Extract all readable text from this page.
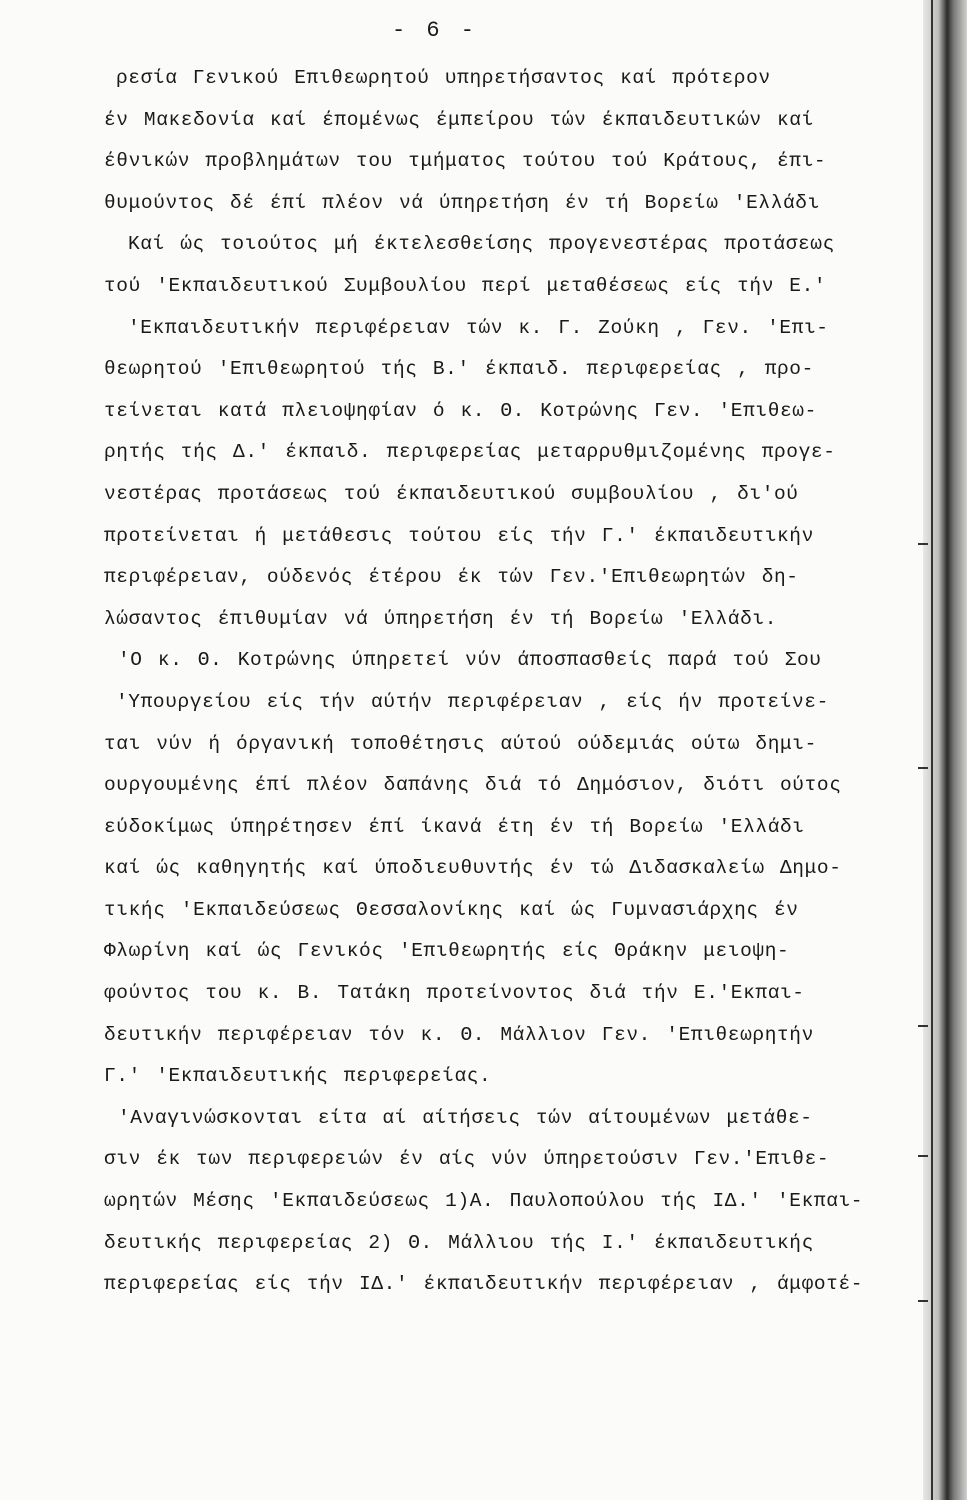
- 6 -
ρεσία Γενικού Επιθεωρητού υπηρετήσαντος καί πρότερον
έν Μακεδονία καί έπομένως έμπείρου τών έκπαιδευτικών καί
έθνικών προβλημάτων του τμήματος τούτου τού Κράτους, έπι-
θυμούντος δέ έπί πλέον νά ύπηρετήση έν τή Βορείω 'Ελλάδι
Καί ώς τοιούτος μή έκτελεσθείσης προγενεστέρας προτάσεως
τού 'Εκπαιδευτικού Συμβουλίου περί μεταθέσεως είς τήν Ε.'
'Εκπαιδευτικήν περιφέρειαν τών κ. Γ. Ζούκη , Γεν. 'Επι-
θεωρητού 'Επιθεωρητού τής Β.' έκπαιδ. περιφερείας , προ-
τείνεται κατά πλειοψηφίαν ό κ. Θ. Κοτρώνης Γεν. 'Επιθεω-
ρητής τής Δ.' έκπαιδ. περιφερείας μεταρρυθμιζομένης προγε-
νεστέρας προτάσεως τού έκπαιδευτικού συμβουλίου , δι'ού
προτείνεται ή μετάθεσις τούτου είς τήν Γ.' έκπαιδευτικήν
περιφέρειαν, ούδενός έτέρου έκ τών Γεν.'Επιθεωρητών δη-
λώσαντος έπιθυμίαν νά ύπηρετήση έν τή Βορείω 'Ελλάδι.
'Ο κ. Θ. Κοτρώνης ύπηρετεί νύν άποσπασθείς παρά τού Σου
'Υπουργείου είς τήν αύτήν περιφέρειαν , είς ήν προτείνε-
ται νύν ή όργανική τοποθέτησις αύτού ούδεμιάς ούτω δημι-
ουργουμένης έπί πλέον δαπάνης διά τό Δημόσιον, διότι ούτος
εύδοκίμως ύπηρέτησεν έπί ίκανά έτη έν τή Βορείω 'Ελλάδι
καί ώς καθηγητής καί ύποδιευθυντής έν τώ Διδασκαλείω Δημο-
τικής 'Εκπαιδεύσεως Θεσσαλονίκης καί ώς Γυμνασιάρχης έν
Φλωρίνη καί ώς Γενικός 'Επιθεωρητής είς Θράκην μειοψη-
φούντος του κ. Β. Τατάκη προτείνοντος διά τήν Ε.'Εκπαι-
δευτικήν περιφέρειαν τόν κ. Θ. Μάλλιον Γεν. 'Επιθεωρητήν
Γ.' 'Εκπαιδευτικής περιφερείας.
'Αναγινώσκονται είτα αί αίτήσεις τών αίτουμένων μετάθε-
σιν έκ των περιφερειών έν αίς νύν ύπηρετούσιν Γεν.'Επιθε-
ωρητών Μέσης 'Εκπαιδεύσεως 1)Α. Παυλοπούλου τής ΙΔ.' 'Εκπαι-
δευτικής περιφερείας 2) Θ. Μάλλιου τής Ι.' έκπαιδευτικής
περιφερείας είς τήν ΙΔ.' έκπαιδευτικήν περιφέρειαν , άμφοτέ-
